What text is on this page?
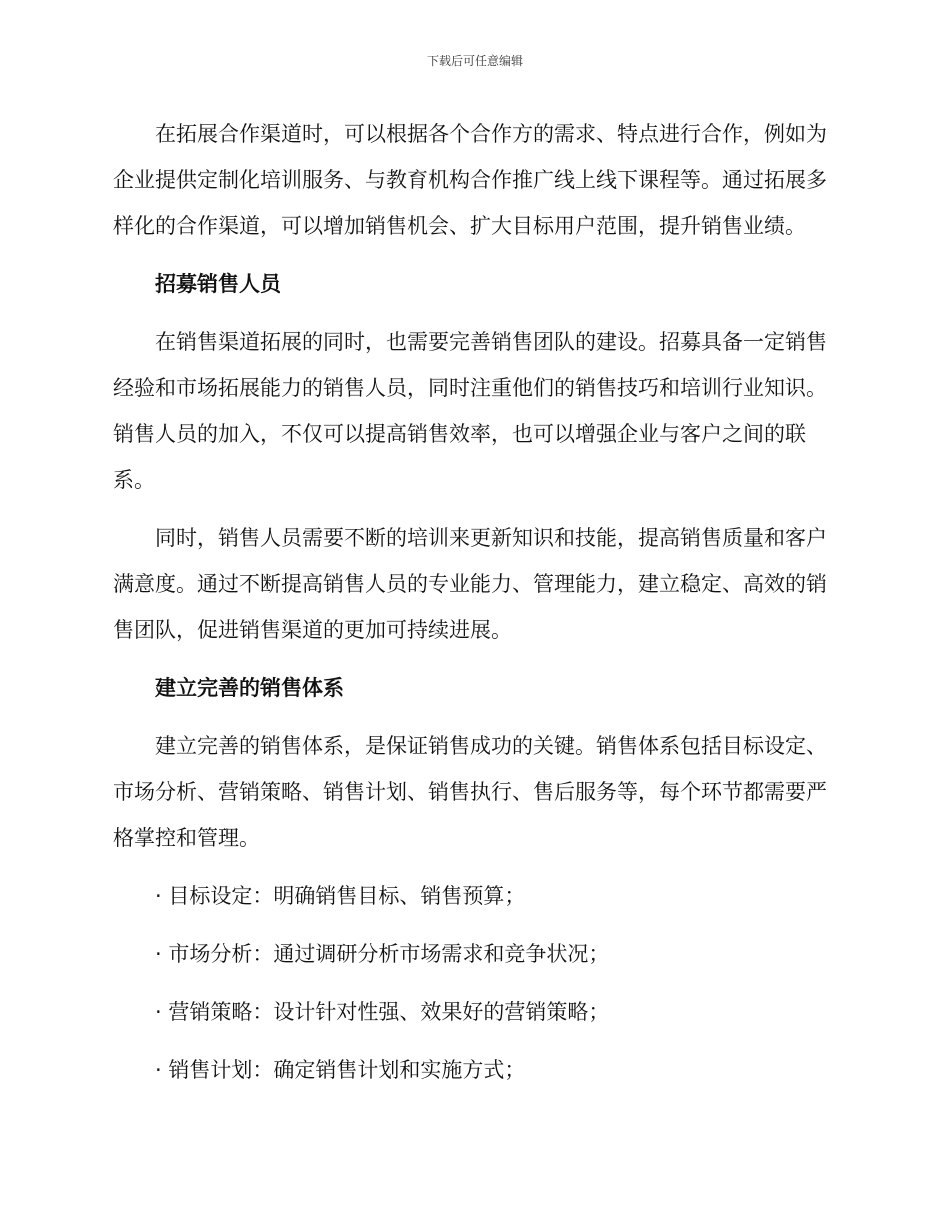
下载后可任意编辑

在拓展合作渠道时，可以根据各个合作方的需求、特点进行合作，例如为企业提供定制化培训服务、与教育机构合作推广线上线下课程等。通过拓展多样化的合作渠道，可以增加销售机会、扩大目标用户范围，提升销售业绩。

招募销售人员

在销售渠道拓展的同时，也需要完善销售团队的建设。招募具备一定销售经验和市场拓展能力的销售人员，同时注重他们的销售技巧和培训行业知识。销售人员的加入，不仅可以提高销售效率，也可以增强企业与客户之间的联系。

同时，销售人员需要不断的培训来更新知识和技能，提高销售质量和客户满意度。通过不断提高销售人员的专业能力、管理能力，建立稳定、高效的销售团队，促进销售渠道的更加可持续进展。

建立完善的销售体系

建立完善的销售体系，是保证销售成功的关键。销售体系包括目标设定、市场分析、营销策略、销售计划、销售执行、售后服务等，每个环节都需要严格掌控和管理。

· 目标设定：明确销售目标、销售预算；

· 市场分析：通过调研分析市场需求和竞争状况；

· 营销策略：设计针对性强、效果好的营销策略；

· 销售计划：确定销售计划和实施方式；
